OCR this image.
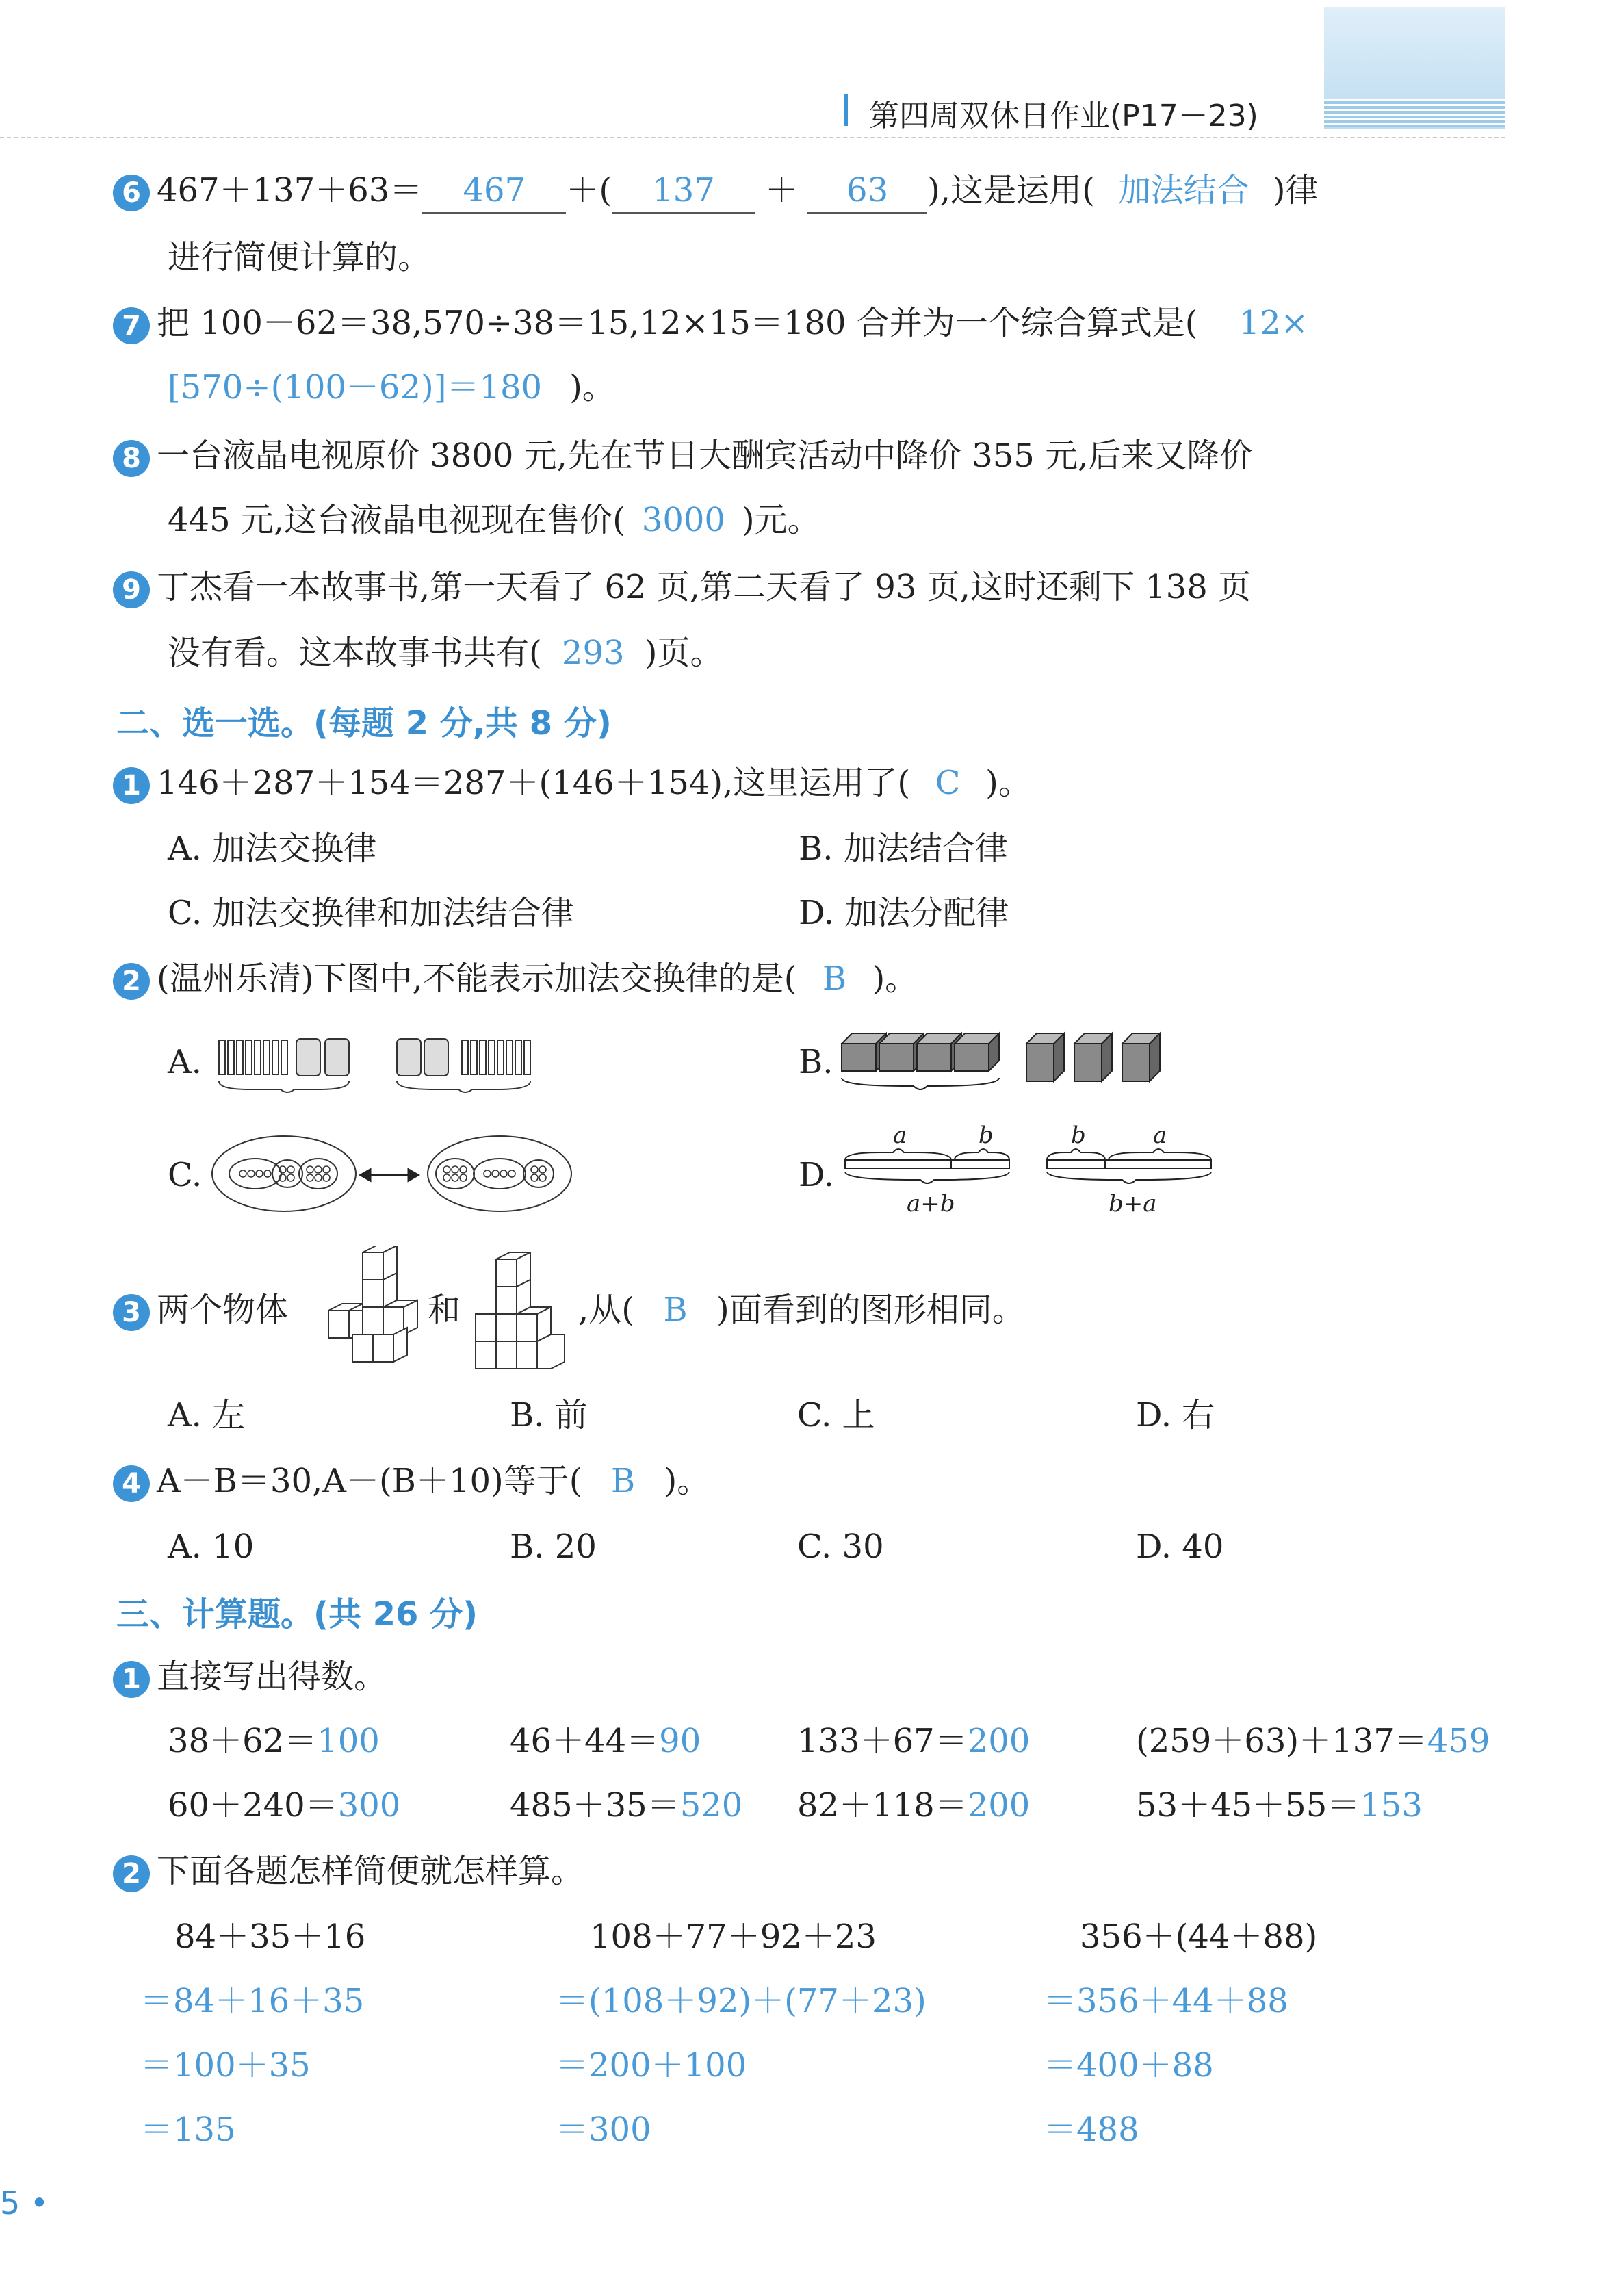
第四周双休日作业(P17－23)
6 467＋137＋63＝ 467 ＋( 137 ＋ 63 ),这是运用( 加法结合 )律
进行简便计算的。
7 把 100－62＝38,570÷38＝15,12×15＝180 合并为一个综合算式是( 12×
[570÷(100－62)]＝180 )。
8 一台液晶电视原价 3800 元,先在节日大酬宾活动中降价 355 元,后来又降价
445 元,这台液晶电视现在售价( 3000 )元。
9 丁杰看一本故事书,第一天看了 62 页,第二天看了 93 页,这时还剩下 138 页
没有看。这本故事书共有( 293 )页。
二、选一选。(每题 2 分,共 8 分)
1 146＋287＋154＝287＋(146＋154),这里运用了( C )。
A. 加法交换律	B. 加法结合律
C. 加法交换律和加法结合律	D. 加法分配律
2 (温州乐清)下图中,不能表示加法交换律的是( B )。
A.	B.
C.	D.
a	b
a+b
b	a
b+a
3 两个物体	和	,从( B )面看到的图形相同。
A. 左	B. 前	C. 上	D. 右
4 A－B＝30,A－(B＋10)等于( B )。
A. 10	B. 20	C. 30	D. 40
三、计算题。(共 26 分)
1 直接写出得数。
38＋62＝100	46＋44＝90	133＋67＝200	(259＋63)＋137＝459
60＋240＝300	485＋35＝520 82＋118＝200	53＋45＋55＝153
2 下面各题怎样简便就怎样算。
84＋35＋16
＝84＋16＋35
＝100＋35
＝135
108＋77＋92＋23
＝(108＋92)＋(77＋23)
＝200＋100
＝300
356＋(44＋88)
＝356＋44＋88
＝400＋88
＝488
5 •
